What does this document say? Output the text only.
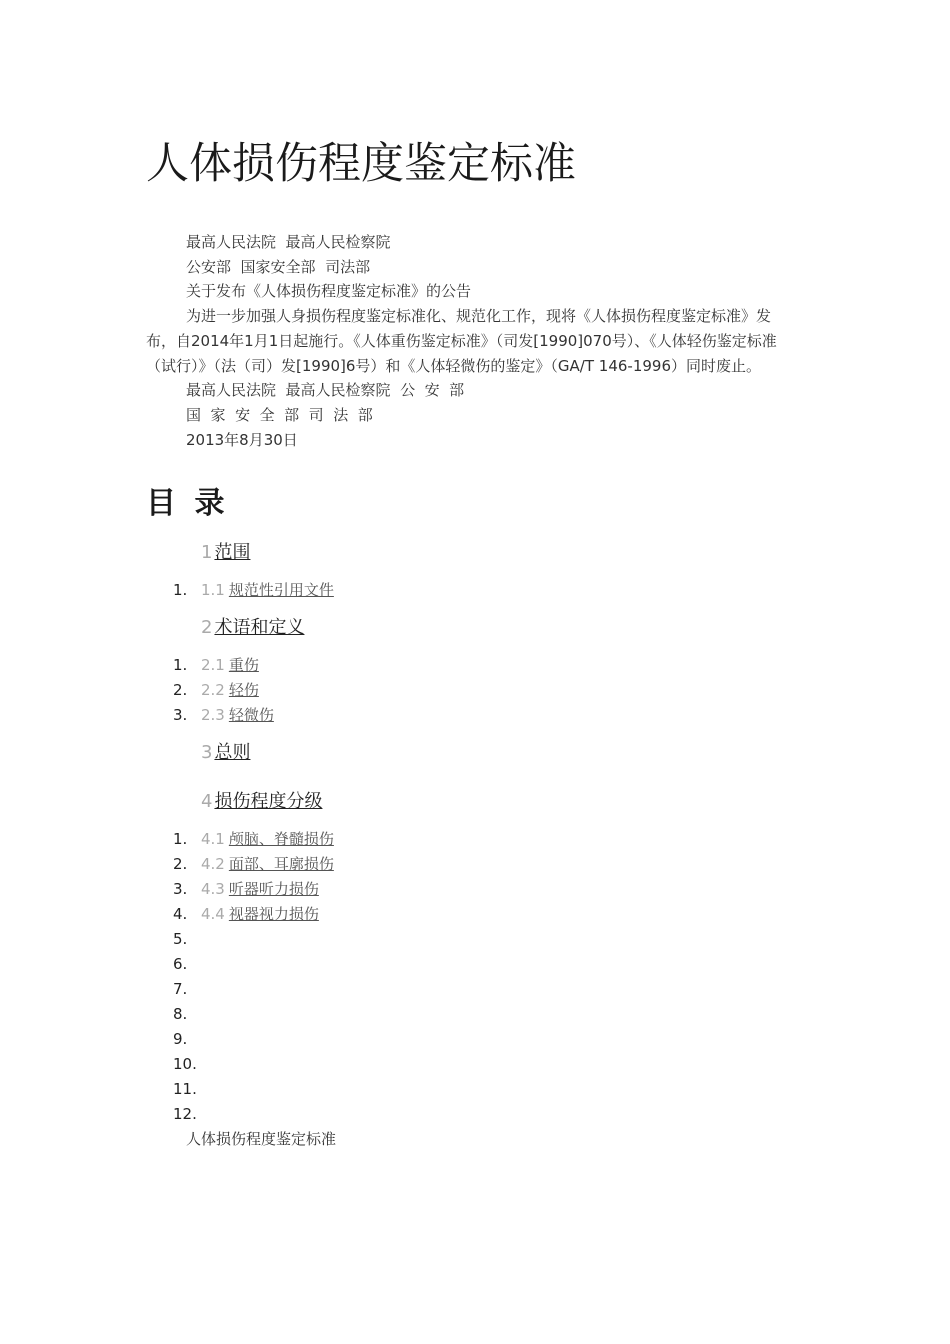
人体损伤程度鉴定标准

最高人民法院  最高人民检察院

公安部  国家安全部  司法部

关于发布《人体损伤程度鉴定标准》的公告

为进一步加强人身损伤程度鉴定标准化、规范化工作，现将《人体损伤程度鉴定标准》发布，自2014年1月1日起施行。《人体重伤鉴定标准》（司发[1990]070号）、《人体轻伤鉴定标准（试行）》（法（司）发[1990]6号）和《人体轻微伤的鉴定》（GA/T 146-1996）同时废止。

最高人民法院  最高人民检察院  公  安  部

国  家  安  全  部  司  法  部

2013年8月30日

目 录
1 范围
1. 1.1 规范性引用文件
2 术语和定义
1. 2.1 重伤
2. 2.2 轻伤
3. 2.3 轻微伤
3 总则
4 损伤程度分级
1. 4.1 颅脑、脊髓损伤
2. 4.2 面部、耳廓损伤
3. 4.3 听器听力损伤
4. 4.4 视器视力损伤
5.
6.
7.
8.
9.
10.
11.
12.
人体损伤程度鉴定标准
